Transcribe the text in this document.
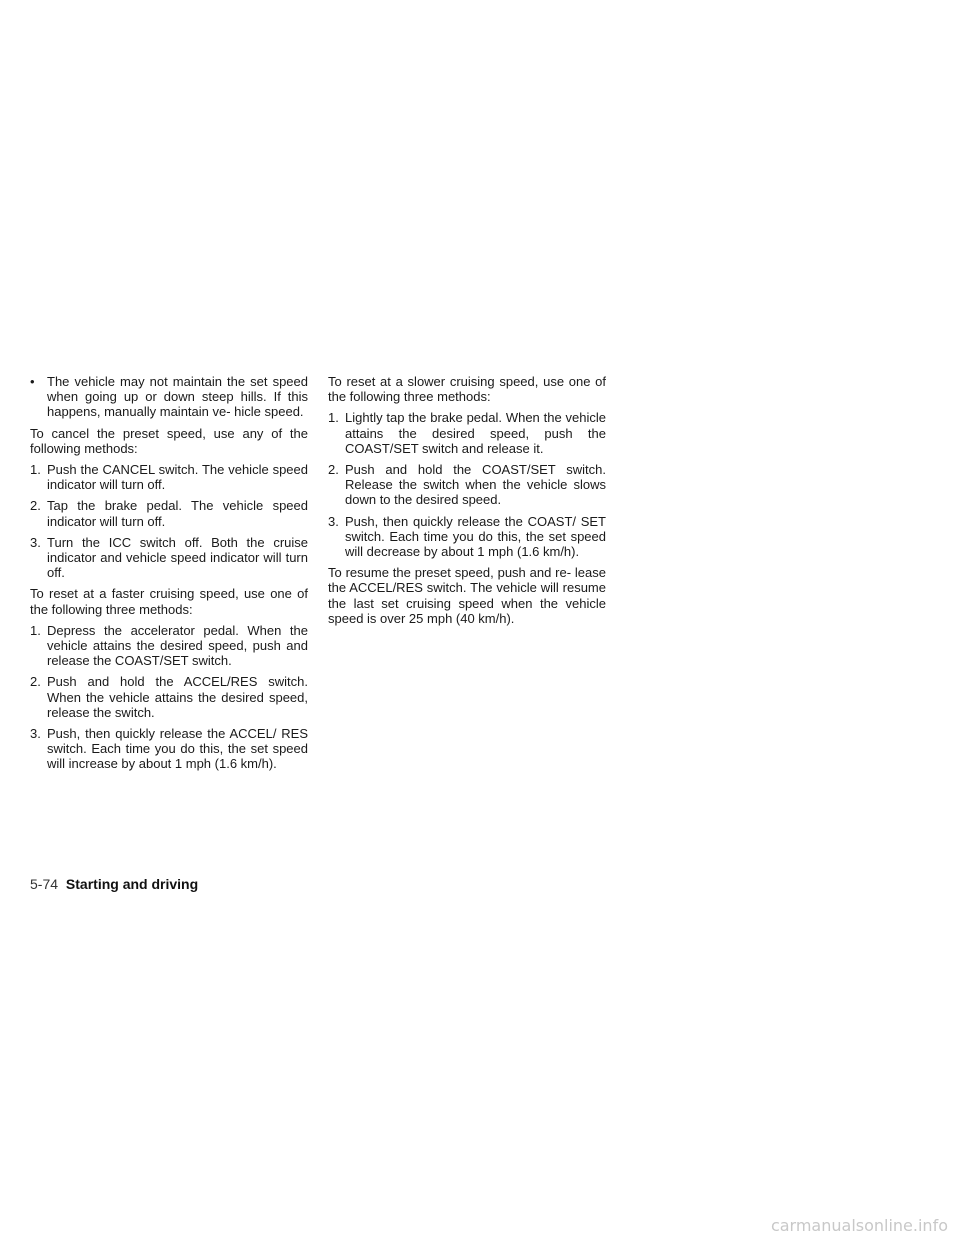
• The vehicle may not maintain the set speed when going up or down steep hills. If this happens, manually maintain ve- hicle speed.

To cancel the preset speed, use any of the following methods:

1. Push the CANCEL switch. The vehicle speed indicator will turn off.
2. Tap the brake pedal. The vehicle speed indicator will turn off.
3. Turn the ICC switch off. Both the cruise indicator and vehicle speed indicator will turn off.

To reset at a faster cruising speed, use one of the following three methods:

1. Depress the accelerator pedal. When the vehicle attains the desired speed, push and release the COAST/SET switch.
2. Push and hold the ACCEL/RES switch. When the vehicle attains the desired speed, release the switch.
3. Push, then quickly release the ACCEL/ RES switch. Each time you do this, the set speed will increase by about 1 mph (1.6 km/h).

To reset at a slower cruising speed, use one of the following three methods:

1. Lightly tap the brake pedal. When the vehicle attains the desired speed, push the COAST/SET switch and release it.
2. Push and hold the COAST/SET switch. Release the switch when the vehicle slows down to the desired speed.
3. Push, then quickly release the COAST/ SET switch. Each time you do this, the set speed will decrease by about 1 mph (1.6 km/h).

To resume the preset speed, push and re- lease the ACCEL/RES switch. The vehicle will resume the last set cruising speed when the vehicle speed is over 25 mph (40 km/h).

5-74 Starting and driving
carmanualsonline.info
